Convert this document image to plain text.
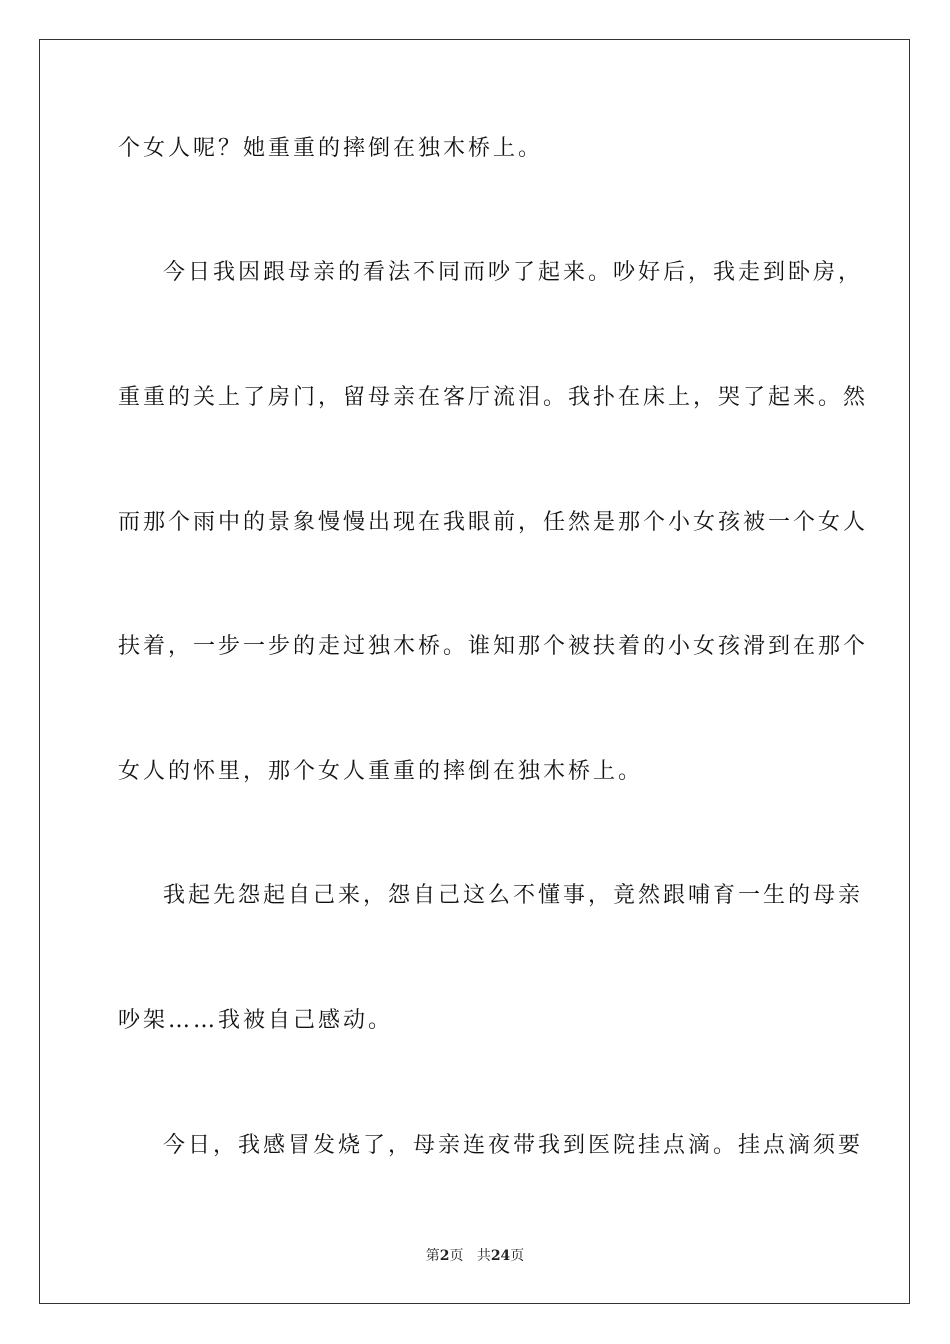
个女人呢？她重重的摔倒在独木桥上。
今日我因跟母亲的看法不同而吵了起来。吵好后，我走到卧房，
重重的关上了房门，留母亲在客厅流泪。我扑在床上，哭了起来。然
而那个雨中的景象慢慢出现在我眼前，任然是那个小女孩被一个女人
扶着，一步一步的走过独木桥。谁知那个被扶着的小女孩滑到在那个
女人的怀里，那个女人重重的摔倒在独木桥上。
我起先怨起自己来，怨自己这么不懂事，竟然跟哺育一生的母亲
吵架……我被自己感动。
今日，我感冒发烧了，母亲连夜带我到医院挂点滴。挂点滴须要
第2页 共24页
